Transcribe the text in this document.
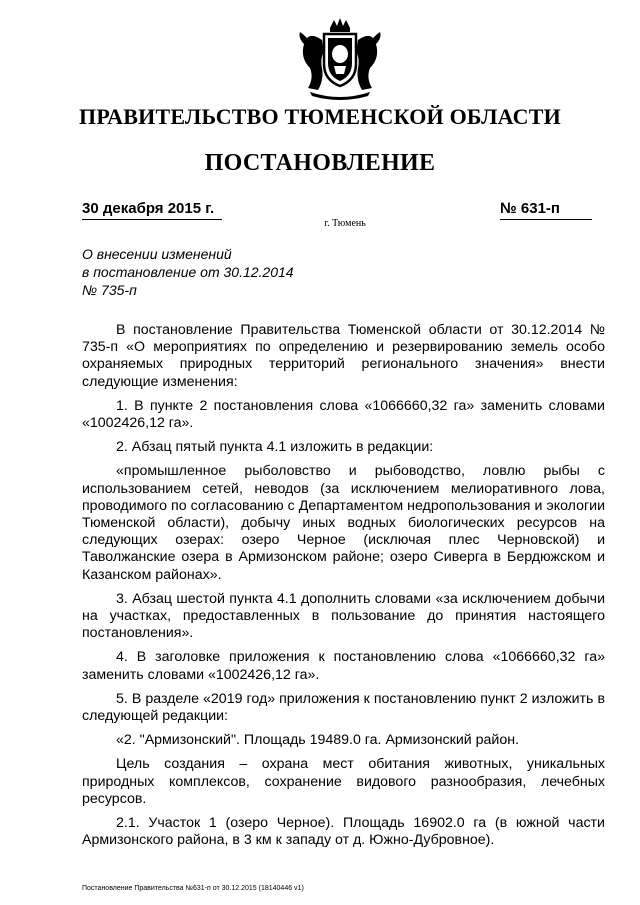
ПРАВИТЕЛЬСТВО ТЮМЕНСКОЙ ОБЛАСТИ
ПОСТАНОВЛЕНИЕ
30 декабря 2015 г.	№ 631-п
г. Тюмень
О внесении изменений
в постановление от 30.12.2014
№ 735-п

В постановление Правительства Тюменской области от 30.12.2014 № 735-п «О мероприятиях по определению и резервированию земель особо охраняемых природных территорий регионального значения» внести следующие изменения:

1. В пункте 2 постановления слова «1066660,32 га» заменить словами «1002426,12 га».

2. Абзац пятый пункта 4.1 изложить в редакции:

«промышленное рыболовство и рыбоводство, ловлю рыбы с использованием сетей, неводов (за исключением мелиоративного лова, проводимого по согласованию с Департаментом недропользования и экологии Тюменской области), добычу иных водных биологических ресурсов на следующих озерах: озеро Черное (исключая плес Черновской) и Таволжанские озера в Армизонском районе; озеро Сиверга в Бердюжском и Казанском районах».

3. Абзац шестой пункта 4.1 дополнить словами «за исключением добычи на участках, предоставленных в пользование до принятия настоящего постановления».

4. В заголовке приложения к постановлению слова «1066660,32 га» заменить словами «1002426,12 га».

5. В разделе «2019 год» приложения к постановлению пункт 2 изложить в следующей редакции:

«2. "Армизонский". Площадь 19489.0 га. Армизонский район.

Цель создания – охрана мест обитания животных, уникальных природных комплексов, сохранение видового разнообразия, лечебных ресурсов.

2.1. Участок 1 (озеро Черное). Площадь 16902.0 га (в южной части Армизонского района, в 3 км к западу от д. Южно-Дубровное).

Постановление Правительства №631-п от 30.12.2015 (18140446 v1)
